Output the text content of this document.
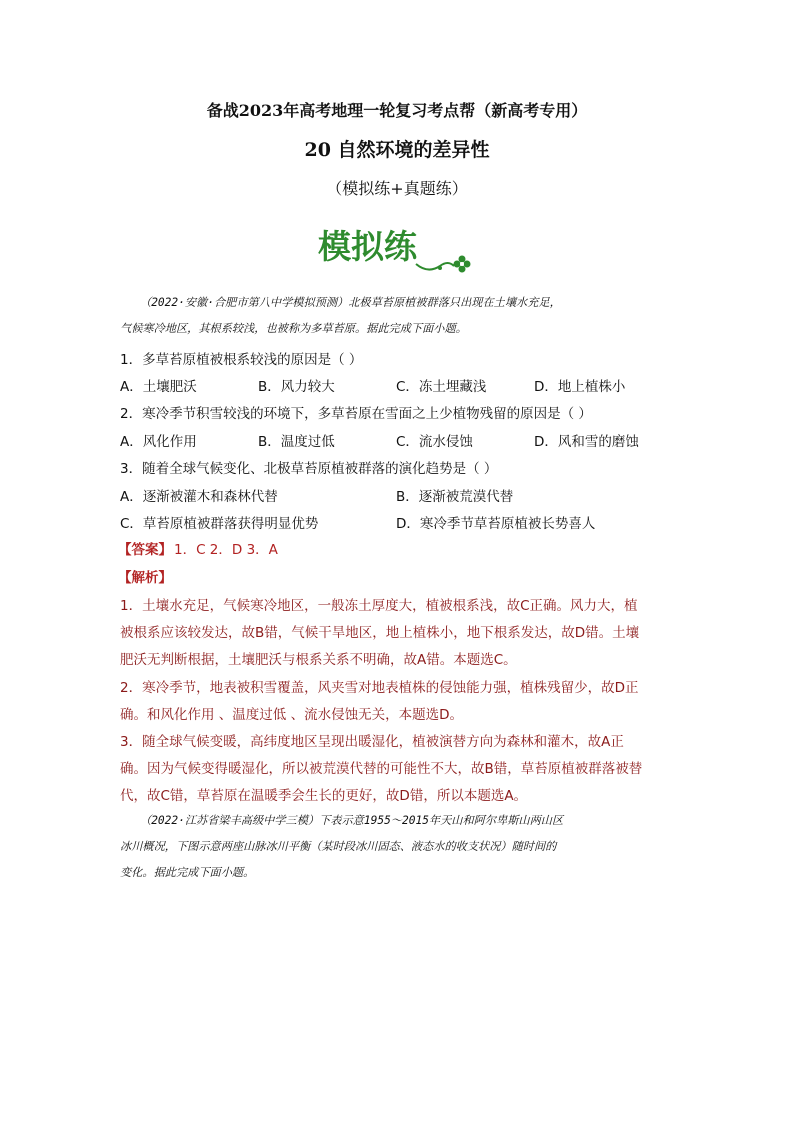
备战2023年高考地理一轮复习考点帮（新高考专用）
20 自然环境的差异性
（模拟练+真题练）
模拟练
（2022·安徽·合肥市第八中学模拟预测）北极草苔原植被群落只出现在土壤水充足，
气候寒冷地区，其根系较浅，也被称为多草苔原。据此完成下面小题。
1．多草苔原植被根系较浅的原因是（ ）
A．土壤肥沃	B．风力较大	C．冻土埋藏浅	D．地上植株小
2．寒冷季节积雪较浅的环境下，多草苔原在雪面之上少植物残留的原因是（ ）
A．风化作用	B．温度过低	C．流水侵蚀	D．风和雪的磨蚀
3．随着全球气候变化、北极草苔原植被群落的演化趋势是（ ）
A．逐渐被灌木和森林代替	B．逐渐被荒漠代替
C．草苔原植被群落获得明显优势	D．寒冷季节草苔原植被长势喜人
【答案】 1．C 2．D 3．A
【解析】
1．土壤水充足，气候寒冷地区，一般冻土厚度大，植被根系浅，故C正确。风力大，植
被根系应该较发达，故B错，气候干旱地区，地上植株小，地下根系发达，故D错。土壤
肥沃无判断根据，土壤肥沃与根系关系不明确，故A错。本题选C。
2．寒冷季节，地表被积雪覆盖，风夹雪对地表植株的侵蚀能力强，植株残留少，故D正
确。和风化作用 、温度过低 、流水侵蚀无关，本题选D。
3．随全球气候变暖，高纬度地区呈现出暖湿化，植被演替方向为森林和灌木，故A正
确。因为气候变得暖湿化，所以被荒漠代替的可能性不大，故B错，草苔原植被群落被替
代，故C错，草苔原在温暖季会生长的更好，故D错，所以本题选A。
（2022·江苏省梁丰高级中学三模）下表示意1955～2015年天山和阿尔卑斯山两山区
冰川概况，下图示意两座山脉冰川平衡（某时段冰川固态、液态水的收支状况）随时间的
变化。据此完成下面小题。
